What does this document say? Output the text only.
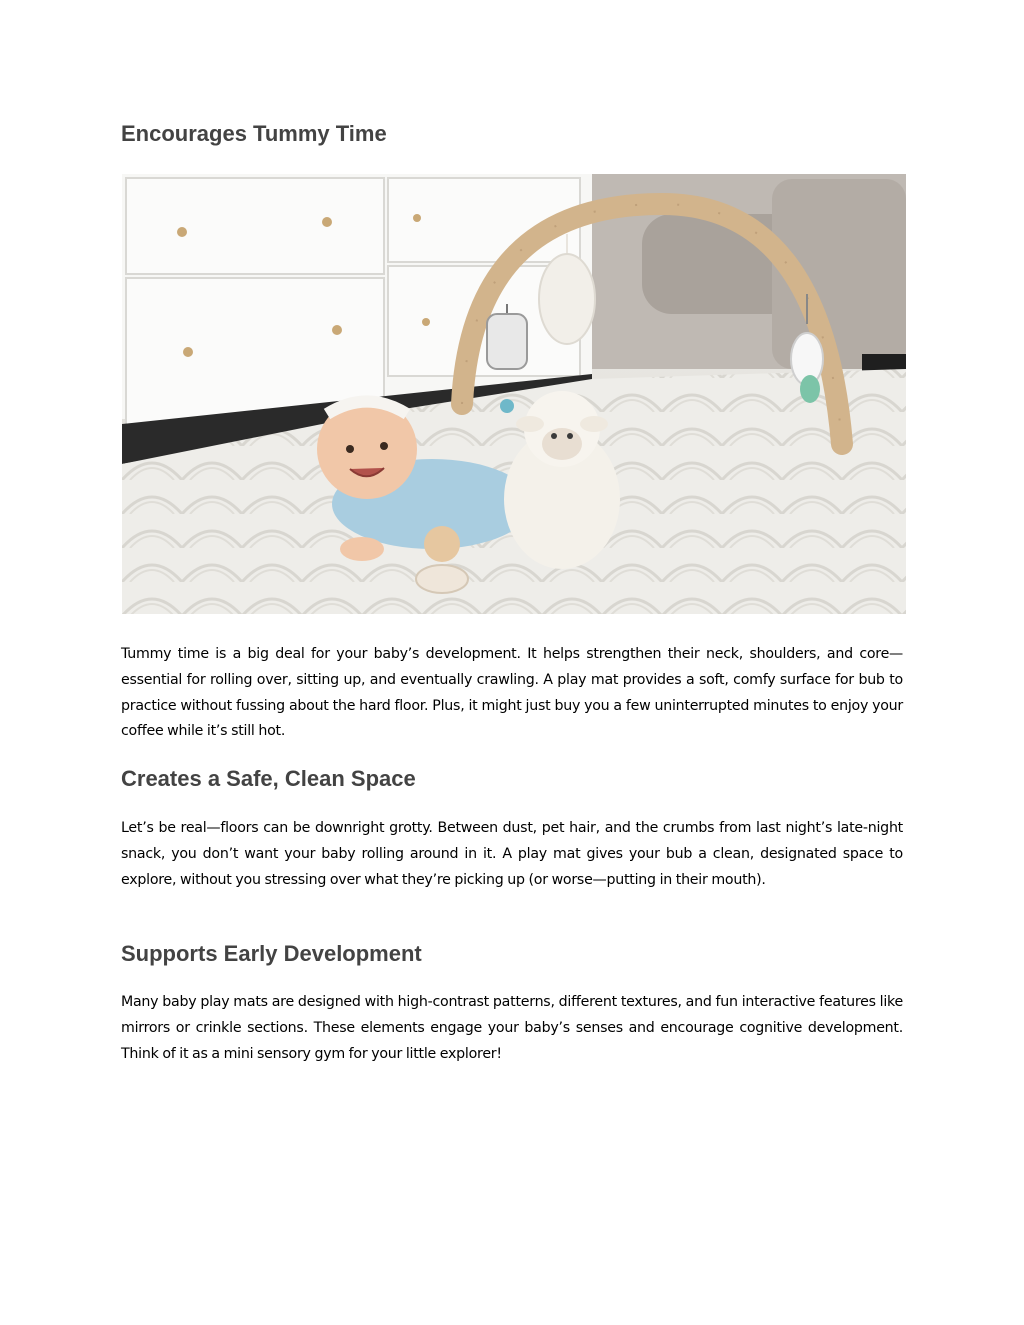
Encourages Tummy Time

Tummy time is a big deal for your baby’s development. It helps strengthen their neck, shoulders, and core—essential for rolling over, sitting up, and eventually crawling. A play mat provides a soft, comfy surface for bub to practice without fussing about the hard floor. Plus, it might just buy you a few uninterrupted minutes to enjoy your coffee while it’s still hot.

Creates a Safe, Clean Space

Let’s be real—floors can be downright grotty. Between dust, pet hair, and the crumbs from last night’s late-night snack, you don’t want your baby rolling around in it. A play mat gives your bub a clean, designated space to explore, without you stressing over what they’re picking up (or worse—putting in their mouth).

Supports Early Development

Many baby play mats are designed with high-contrast patterns, different textures, and fun interactive features like mirrors or crinkle sections. These elements engage your baby’s senses and encourage cognitive development. Think of it as a mini sensory gym for your little explorer!
